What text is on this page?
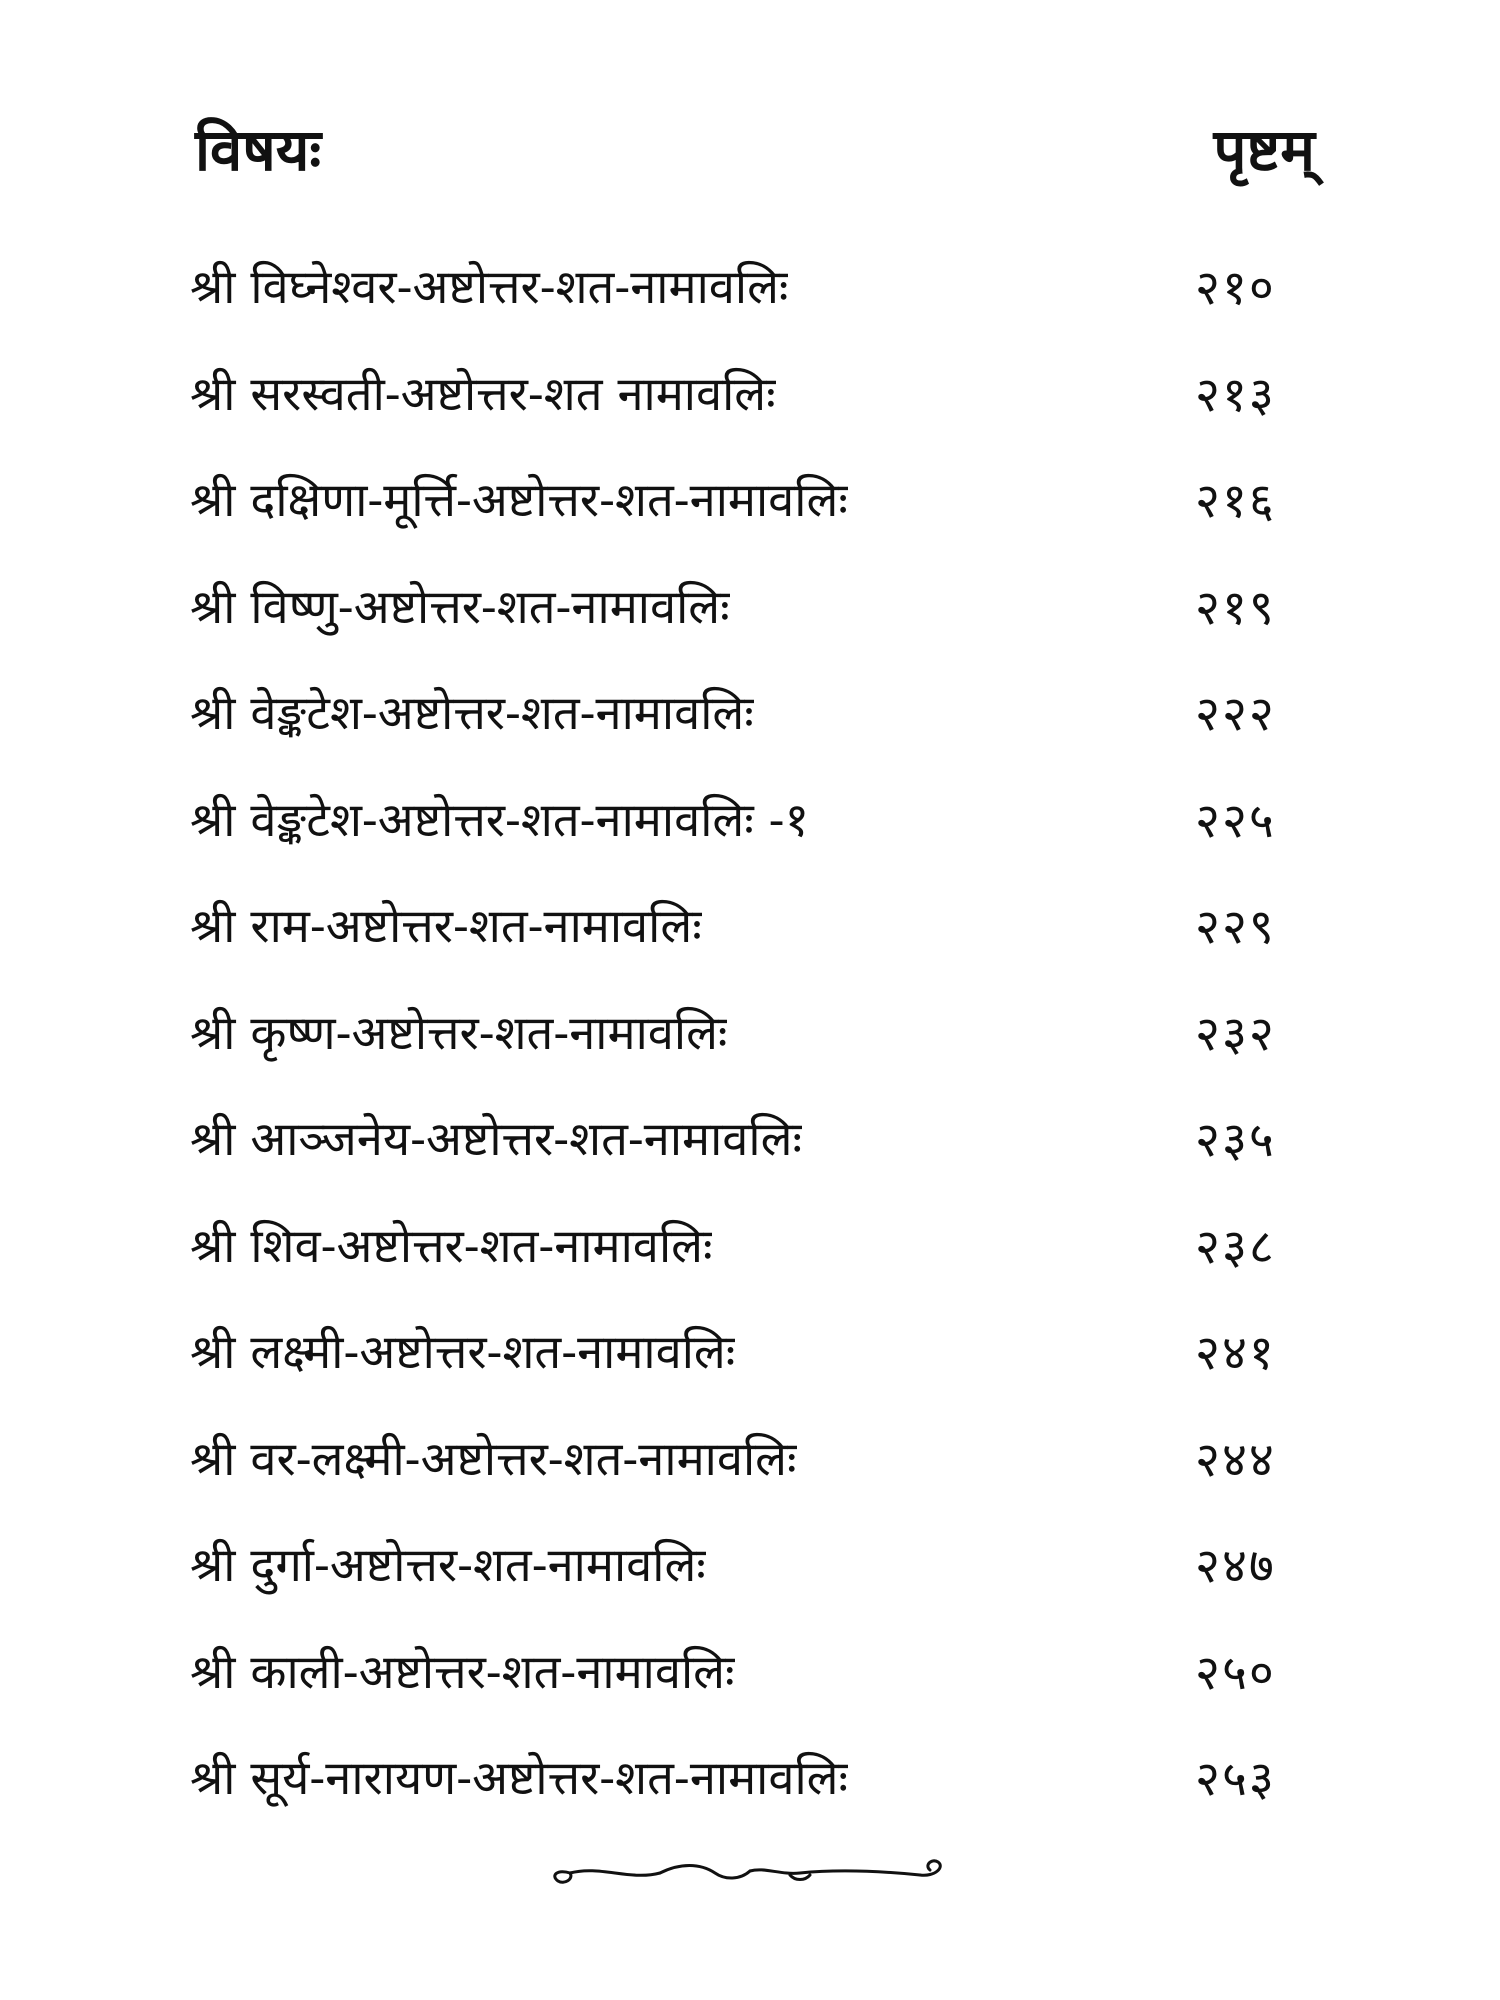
विषयः	पृष्टम्
श्री विघ्नेश्वर-अष्टोत्तर-शत-नामावलिः	२१०
श्री सरस्वती-अष्टोत्तर-शत नामावलिः	२१३
श्री दक्षिणा-मूर्त्ति-अष्टोत्तर-शत-नामावलिः	२१६
श्री विष्णु-अष्टोत्तर-शत-नामावलिः	२१९
श्री वेङ्कटेश-अष्टोत्तर-शत-नामावलिः	२२२
श्री वेङ्कटेश-अष्टोत्तर-शत-नामावलिः -१	२२५
श्री राम-अष्टोत्तर-शत-नामावलिः	२२९
श्री कृष्ण-अष्टोत्तर-शत-नामावलिः	२३२
श्री आञ्जनेय-अष्टोत्तर-शत-नामावलिः	२३५
श्री शिव-अष्टोत्तर-शत-नामावलिः	२३८
श्री लक्ष्मी-अष्टोत्तर-शत-नामावलिः	२४१
श्री वर-लक्ष्मी-अष्टोत्तर-शत-नामावलिः	२४४
श्री दुर्गा-अष्टोत्तर-शत-नामावलिः	२४७
श्री काली-अष्टोत्तर-शत-नामावलिः	२५०
श्री सूर्य-नारायण-अष्टोत्तर-शत-नामावलिः	२५३
